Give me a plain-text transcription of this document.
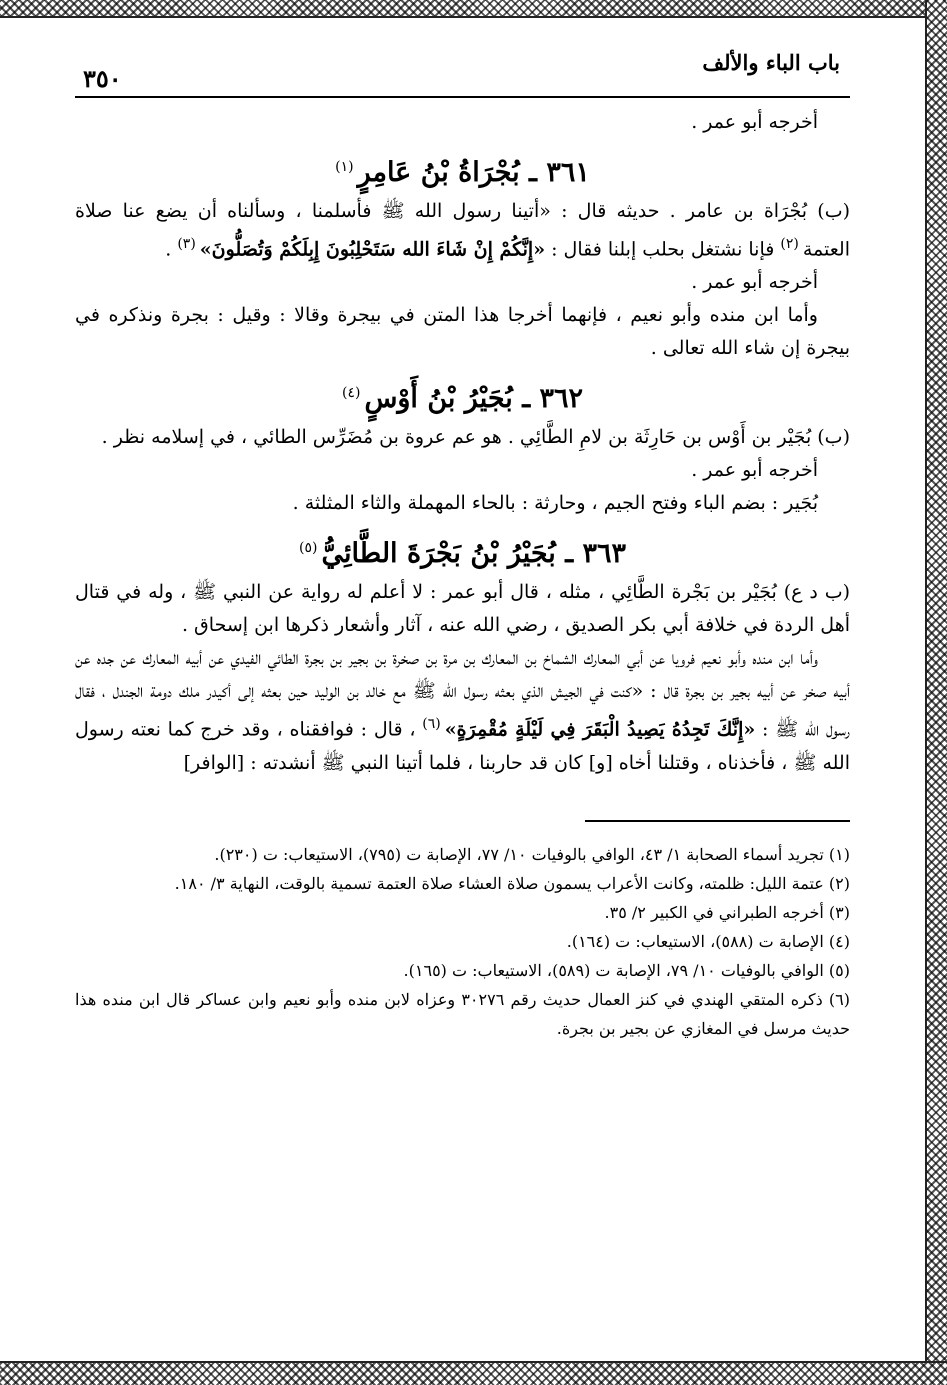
باب الباء والألف
٣٥٠

أخرجه أبو عمر .

٣٦١ ـ بُجْرَاةُ بْنُ عَامِرٍ$^{(١)}$

(ب) بُجْرَاة بن عامر . حديثه قال : «أتينا رسول الله ﷺ فأسلمنا ، وسألناه أن يضع عنا صلاة العتمة$^{(٢)}$ فإنا نشتغل بحلب إبلنا فقال : «إِنَّكُمْ إِنْ شَاءَ الله سَتَحْلِبُونَ إِبِلَكُمْ وَتُصَلُّونَ»$^{(٣)}$ .

أخرجه أبو عمر .

وأما ابن منده وأبو نعيم ، فإنهما أخرجا هذا المتن في بيجرة وقالا : وقيل : بجرة ونذكره في بيجرة إن شاء الله تعالى .

٣٦٢ ـ بُجَيْرُ بْنُ أَوْسٍ$^{(٤)}$

(ب) بُجَيْر بن أَوْس بن حَارِثَة بن لامِ الطَّائِي . هو عم عروة بن مُضَرِّس الطائي ، في إسلامه نظر .

أخرجه أبو عمر .

بُجَير : بضم الباء وفتح الجيم ، وحارثة : بالحاء المهملة والثاء المثلثة .

٣٦٣ ـ بُجَيْرُ بْنُ بَجْرَةَ الطَّائِيُّ$^{(٥)}$

(ب د ع) بُجَيْر بن بَجْرة الطَّائِي ، مثله ، قال أبو عمر : لا أعلم له رواية عن النبي ﷺ ، وله في قتال أهل الردة في خلافة أبي بكر الصديق ، رضي الله عنه ، آثار وأشعار ذكرها ابن إسحاق .

وأما ابن منده وأبو نعيم فرويا عن أبي المعارك الشماخ بن المعارك بن مرة بن صخرة بن بجير بن بجرة الطائي الفيدي عن أبيه المعارك عن جده عن أبيه صخر عن أبيه بجير بن بجرة قال : «كنت في الجيش الذي بعثه رسول الله ﷺ مع خالد بن الوليد حين بعثه إلى أكيدر ملك دومة الجندل ، فقال رسول الله ﷺ : «إِنَّكَ تَجِدُهُ يَصِيدُ الْبَقَرَ فِي لَيْلَةٍ مُقْمِرَةٍ»$^{(٦)}$ ، قال : فوافقناه ، وقد خرج كما نعته رسول الله ﷺ ، فأخذناه ، وقتلنا أخاه [و] كان قد حاربنا ، فلما أتينا النبي ﷺ أنشدته : [الوافر]

(١) تجريد أسماء الصحابة ١/ ٤٣، الوافي بالوفيات ١٠/ ٧٧، الإصابة ت (٧٩٥)، الاستيعاب: ت (٢٣٠).

(٢) عتمة الليل: ظلمته، وكانت الأعراب يسمون صلاة العشاء صلاة العتمة تسمية بالوقت، النهاية ٣/ ١٨٠.

(٣) أخرجه الطبراني في الكبير ٢/ ٣٥.

(٤) الإصابة ت (٥٨٨)، الاستيعاب: ت (١٦٤).

(٥) الوافي بالوفيات ١٠/ ٧٩، الإصابة ت (٥٨٩)، الاستيعاب: ت (١٦٥).

(٦) ذكره المتقي الهندي في كنز العمال حديث رقم ٣٠٢٧٦ وعزاه لابن منده وأبو نعيم وابن عساكر قال ابن منده هذا حديث مرسل في المغازي عن بجير بن بجرة.
